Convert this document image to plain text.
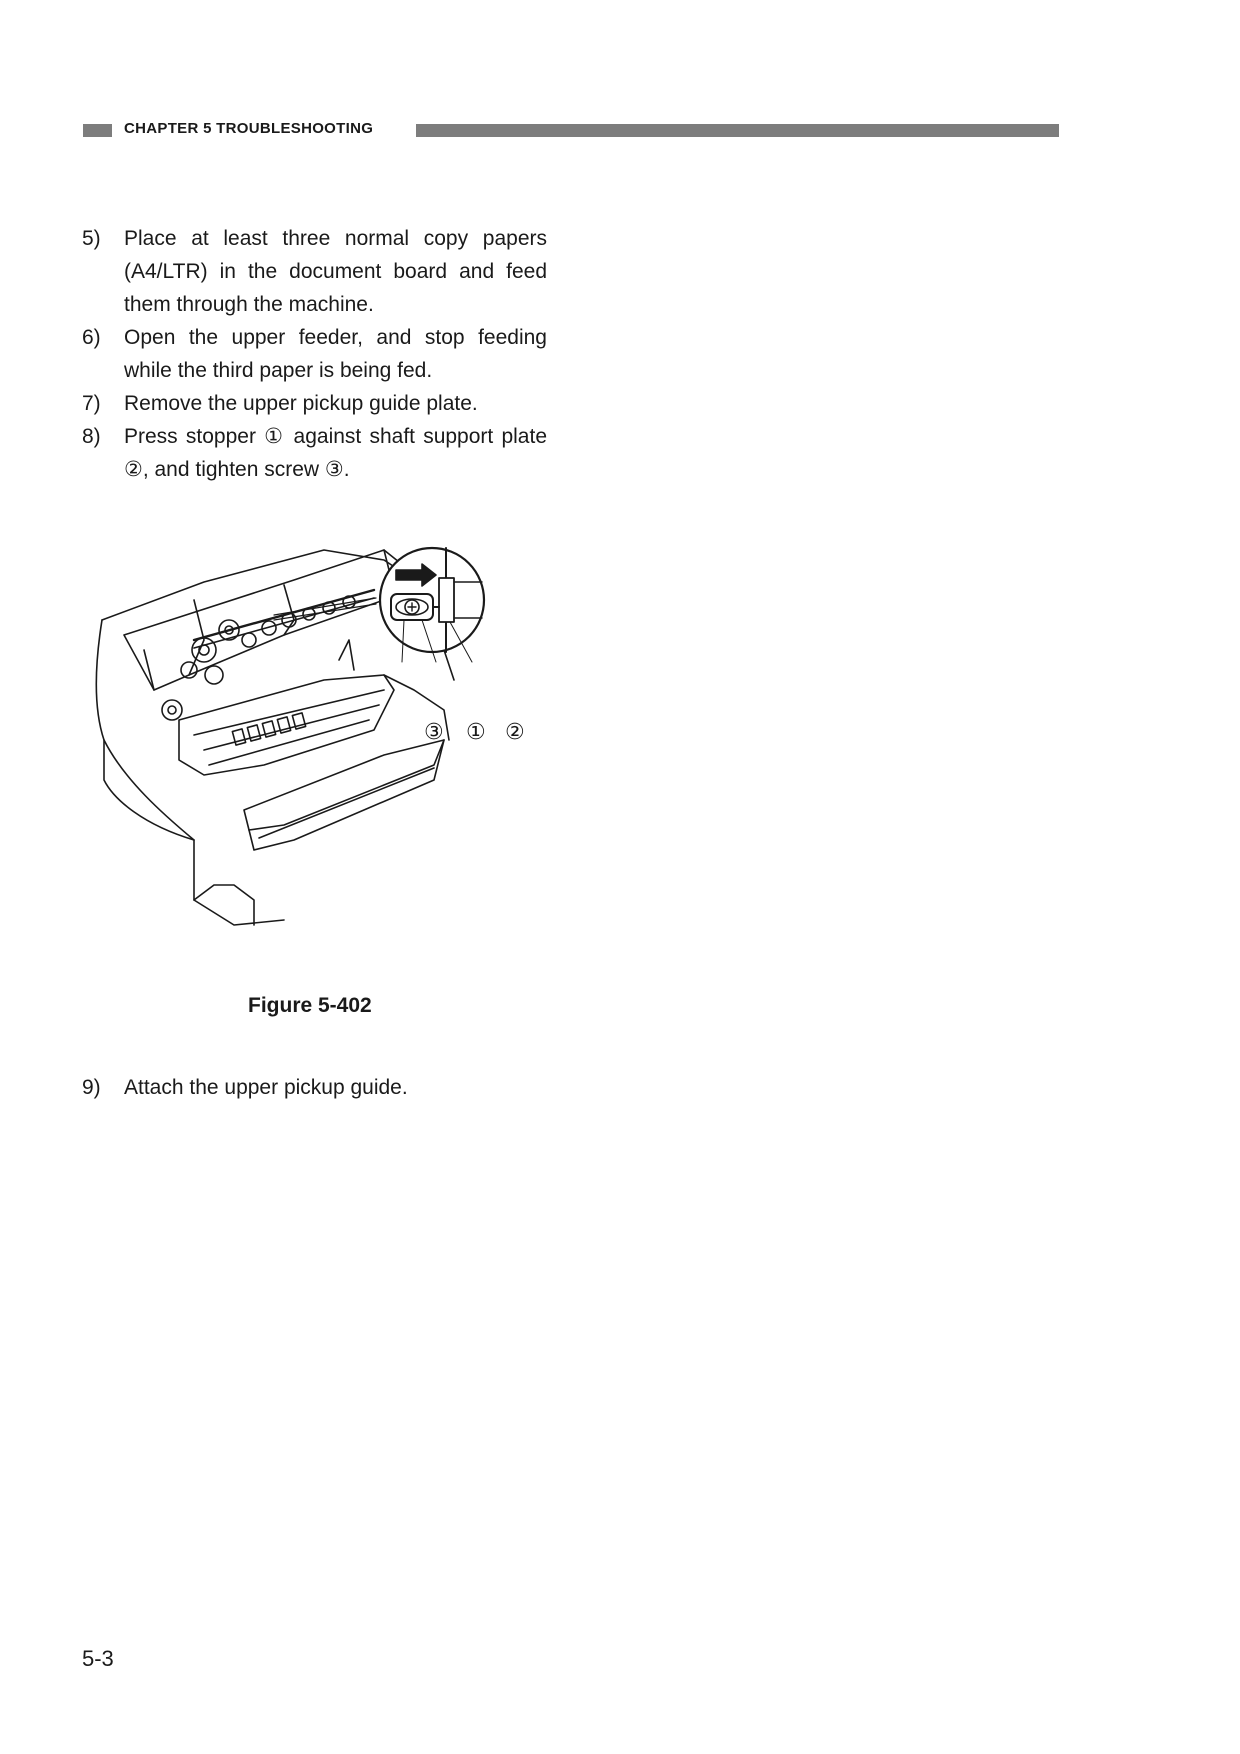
CHAPTER 5 TROUBLESHOOTING
5) Place at least three normal copy papers (A4/LTR) in the document board and feed them through the machine.
6) Open the upper feeder, and stop feeding while the third paper is being fed.
7) Remove the upper pickup guide plate.
8) Press stopper ① against shaft support plate ②, and tighten screw ③.
③ ① ②
Figure 5-402
9) Attach the upper pickup guide.
5-3
